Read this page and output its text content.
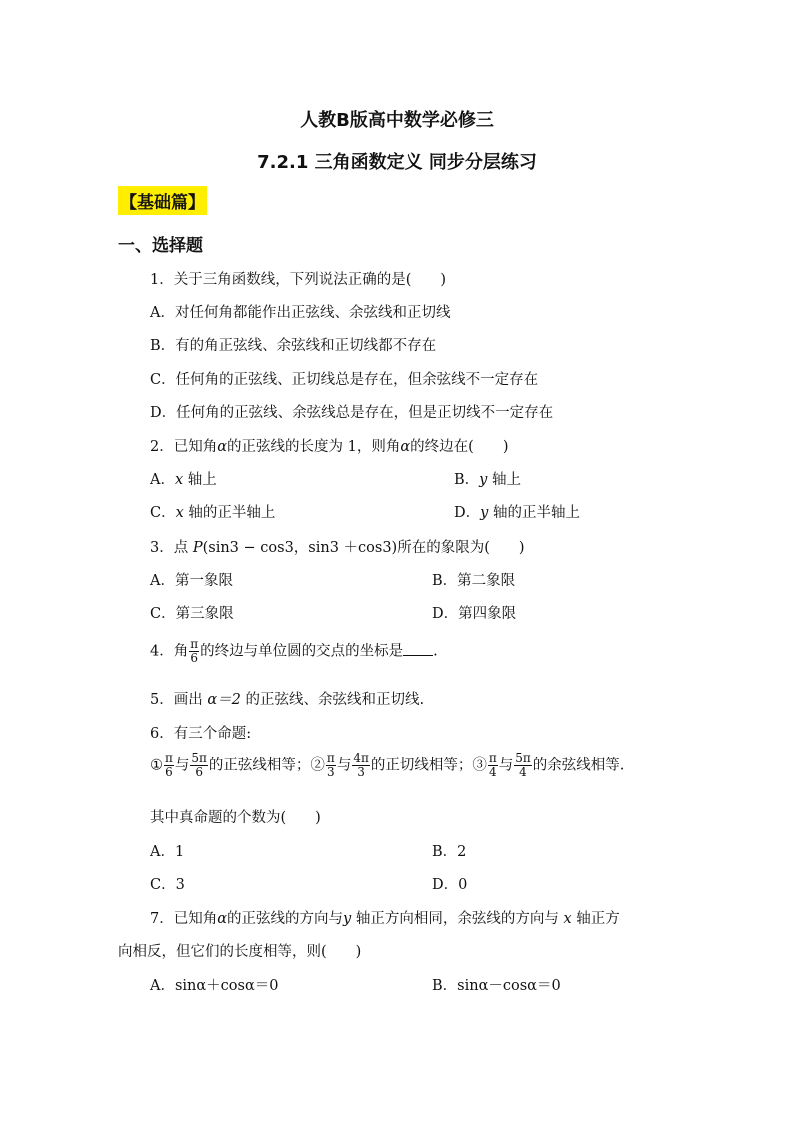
人教B版高中数学必修三
7.2.1 三角函数定义 同步分层练习
【基础篇】
一、选择题
1．关于三角函数线，下列说法正确的是(　　)
A．对任何角都能作出正弦线、余弦线和正切线
B．有的角正弦线、余弦线和正切线都不存在
C．任何角的正弦线、正切线总是存在，但余弦线不一定存在
D．任何角的正弦线、余弦线总是存在，但是正切线不一定存在
2．已知角α的正弦线的长度为 1，则角α的终边在(　　)
A．x 轴上	B．y 轴上
C．x 轴的正半轴上	D．y 轴的正半轴上
3．点 P(sin3 − cos3，sin3 ＋cos3)所在的象限为(　　)
A．第一象限	B．第二象限
C．第三象限	D．第四象限
4．角 $\frac{\pi}{6}$ 的终边与单位圆的交点的坐标是 .
5．画出 α＝2 的正弦线、余弦线和正切线.
6．有三个命题:
① $\frac{\pi}{6}$ 与 $\frac{5\pi}{6}$ 的正弦线相等；② $\frac{\pi}{3}$ 与 $\frac{4\pi}{3}$ 的正切线相等；③ $\frac{\pi}{4}$ 与 $\frac{5\pi}{4}$ 的余弦线相等.
其中真命题的个数为(　　)
A．1	B．2
C．3	D．0
7．已知角α的正弦线的方向与y 轴正方向相同，余弦线的方向与 x 轴正方
向相反，但它们的长度相等，则(　　)
A．sinα＋cosα＝0	B．sinα－cosα＝0
